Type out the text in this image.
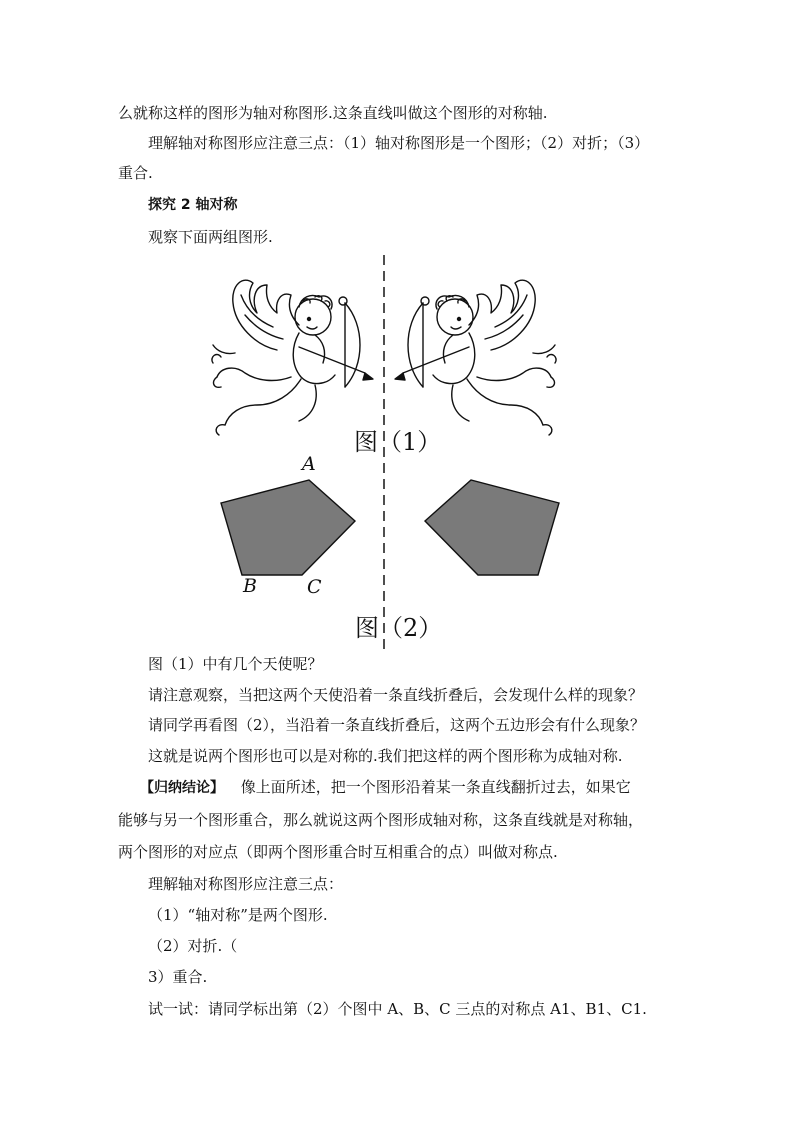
么就称这样的图形为轴对称图形.这条直线叫做这个图形的对称轴.
理解轴对称图形应注意三点：（1）轴对称图形是一个图形；（2）对折；（3）
重合.
探究 2 轴对称
观察下面两组图形.
图（1）
A
B	C
图（2）
图（1）中有几个天使呢？
请注意观察，当把这两个天使沿着一条直线折叠后，会发现什么样的现象？
请同学再看图（2），当沿着一条直线折叠后，这两个五边形会有什么现象？
这就是说两个图形也可以是对称的.我们把这样的两个图形称为成轴对称.
【归纳结论】 像上面所述，把一个图形沿着某一条直线翻折过去，如果它
能够与另一个图形重合，那么就说这两个图形成轴对称，这条直线就是对称轴，
两个图形的对应点（即两个图形重合时互相重合的点）叫做对称点.
理解轴对称图形应注意三点：
（1）“轴对称”是两个图形.
（2）对折.（
3）重合.
试一试：请同学标出第（2）个图中 A、B、C 三点的对称点 A1、B1、C1.
